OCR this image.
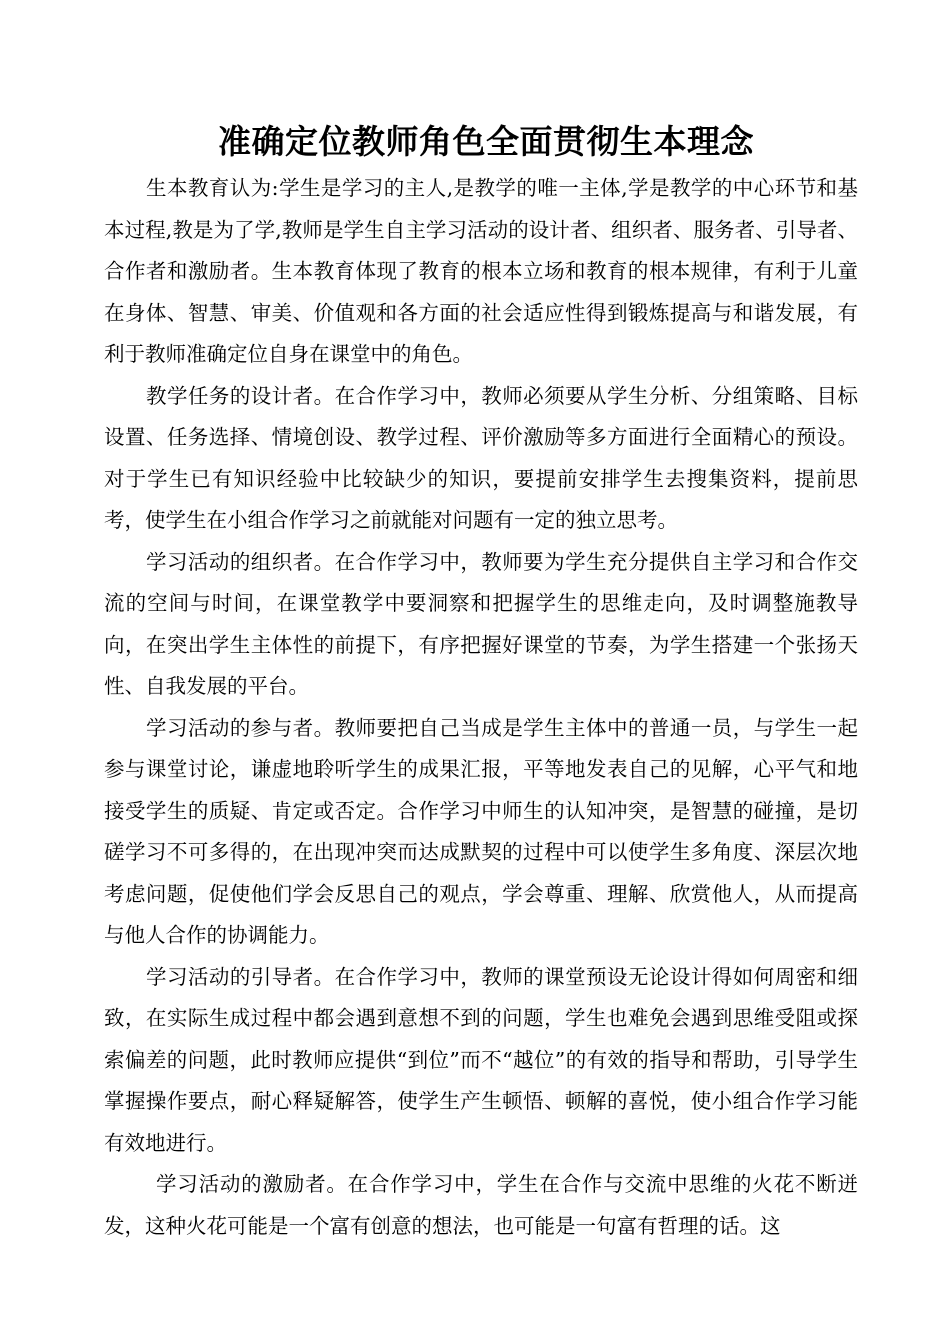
准确定位教师角色全面贯彻生本理念

生本教育认为:学生是学习的主人,是教学的唯一主体,学是教学的中心环节和基本过程,教是为了学,教师是学生自主学习活动的设计者、组织者、服务者、引导者、合作者和激励者。生本教育体现了教育的根本立场和教育的根本规律，有利于儿童在身体、智慧、审美、价值观和各方面的社会适应性得到锻炼提高与和谐发展，有利于教师准确定位自身在课堂中的角色。

教学任务的设计者。在合作学习中，教师必须要从学生分析、分组策略、目标设置、任务选择、情境创设、教学过程、评价激励等多方面进行全面精心的预设。对于学生已有知识经验中比较缺少的知识，要提前安排学生去搜集资料，提前思考，使学生在小组合作学习之前就能对问题有一定的独立思考。

学习活动的组织者。在合作学习中，教师要为学生充分提供自主学习和合作交流的空间与时间，在课堂教学中要洞察和把握学生的思维走向，及时调整施教导向，在突出学生主体性的前提下，有序把握好课堂的节奏，为学生搭建一个张扬天性、自我发展的平台。

学习活动的参与者。教师要把自己当成是学生主体中的普通一员，与学生一起参与课堂讨论，谦虚地聆听学生的成果汇报，平等地发表自己的见解，心平气和地接受学生的质疑、肯定或否定。合作学习中师生的认知冲突，是智慧的碰撞，是切磋学习不可多得的，在出现冲突而达成默契的过程中可以使学生多角度、深层次地考虑问题，促使他们学会反思自己的观点，学会尊重、理解、欣赏他人，从而提高与他人合作的协调能力。

学习活动的引导者。在合作学习中，教师的课堂预设无论设计得如何周密和细致，在实际生成过程中都会遇到意想不到的问题，学生也难免会遇到思维受阻或探索偏差的问题，此时教师应提供“到位”而不“越位”的有效的指导和帮助，引导学生掌握操作要点，耐心释疑解答，使学生产生顿悟、顿解的喜悦，使小组合作学习能有效地进行。

学习活动的激励者。在合作学习中，学生在合作与交流中思维的火花不断迸发，这种火花可能是一个富有创意的想法，也可能是一句富有哲理的话。这
